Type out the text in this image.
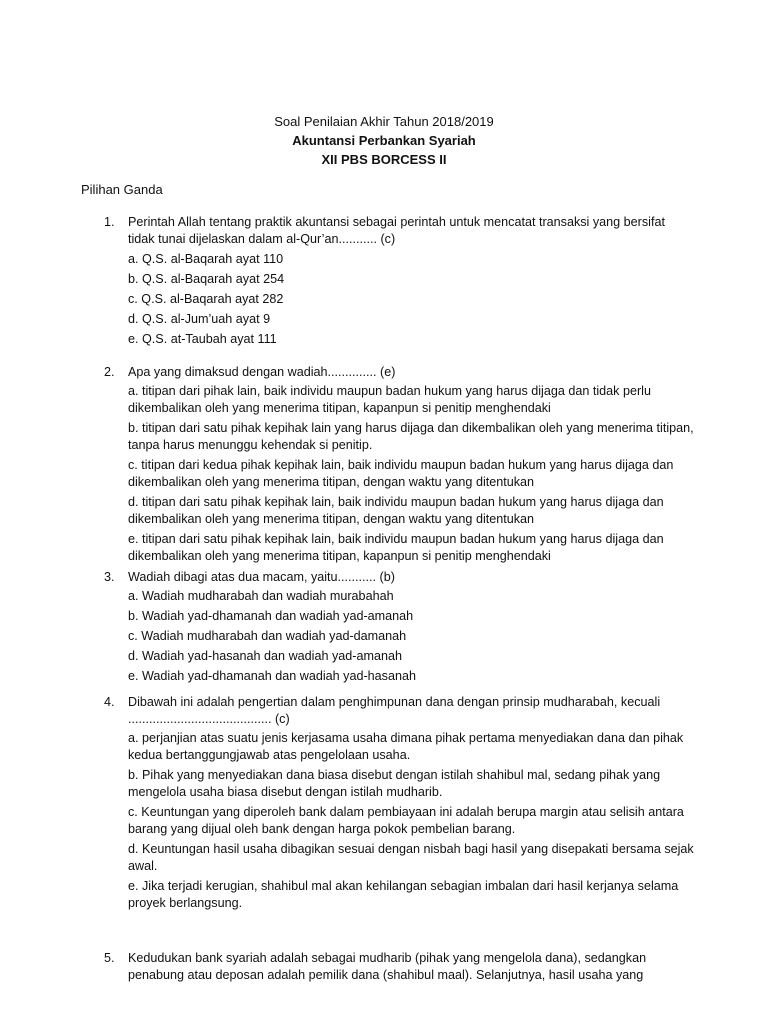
Soal Penilaian Akhir Tahun 2018/2019
Akuntansi Perbankan Syariah
XII PBS BORCESS II
Pilihan Ganda
1.	Perintah Allah tentang praktik akuntansi sebagai perintah untuk mencatat transaksi yang bersifat tidak tunai dijelaskan dalam al-Qur’an........... (c)
a. Q.S. al-Baqarah ayat 110
b. Q.S. al-Baqarah ayat 254
c. Q.S. al-Baqarah ayat 282
d. Q.S. al-Jum’uah ayat 9
e. Q.S. at-Taubah ayat 111
2.	Apa yang dimaksud dengan wadiah.............. (e)
a. titipan dari pihak lain, baik individu maupun badan hukum yang harus dijaga dan tidak perlu dikembalikan oleh yang menerima titipan, kapanpun si penitip menghendaki
b. titipan dari satu pihak kepihak lain yang harus dijaga dan dikembalikan oleh yang menerima titipan, tanpa harus menunggu kehendak si penitip.
c. titipan dari kedua pihak kepihak lain, baik individu maupun badan hukum yang harus dijaga dan dikembalikan oleh yang menerima titipan, dengan waktu yang ditentukan
d. titipan dari satu pihak kepihak lain, baik individu maupun badan hukum yang harus dijaga dan dikembalikan oleh yang menerima titipan, dengan waktu yang ditentukan
e. titipan dari satu pihak kepihak lain, baik individu maupun badan hukum yang harus dijaga dan dikembalikan oleh yang menerima titipan, kapanpun si penitip menghendaki
3.	Wadiah dibagi atas dua macam, yaitu........... (b)
a. Wadiah mudharabah dan wadiah murabahah
b. Wadiah yad-dhamanah dan wadiah yad-amanah
c. Wadiah mudharabah dan wadiah yad-damanah
d. Wadiah yad-hasanah dan wadiah yad-amanah
e. Wadiah yad-dhamanah dan wadiah yad-hasanah
4.	Dibawah ini adalah pengertian dalam penghimpunan dana dengan prinsip mudharabah, kecuali ......................................... (c)
a. perjanjian atas suatu jenis kerjasama usaha dimana pihak pertama menyediakan dana dan pihak kedua bertanggungjawab atas pengelolaan usaha.
b. Pihak yang menyediakan dana biasa disebut dengan istilah shahibul mal, sedang pihak yang mengelola usaha biasa disebut dengan istilah mudharib.
c. Keuntungan yang diperoleh bank dalam pembiayaan ini adalah berupa margin atau selisih antara barang yang dijual oleh bank dengan harga pokok pembelian barang.
d. Keuntungan hasil usaha dibagikan sesuai dengan nisbah bagi hasil yang disepakati bersama sejak awal.
e. Jika terjadi kerugian, shahibul mal akan kehilangan sebagian imbalan dari hasil kerjanya selama proyek berlangsung.
5.	Kedudukan bank syariah adalah sebagai mudharib (pihak yang mengelola dana), sedangkan penabung atau deposan adalah pemilik dana (shahibul maal). Selanjutnya, hasil usaha yang
